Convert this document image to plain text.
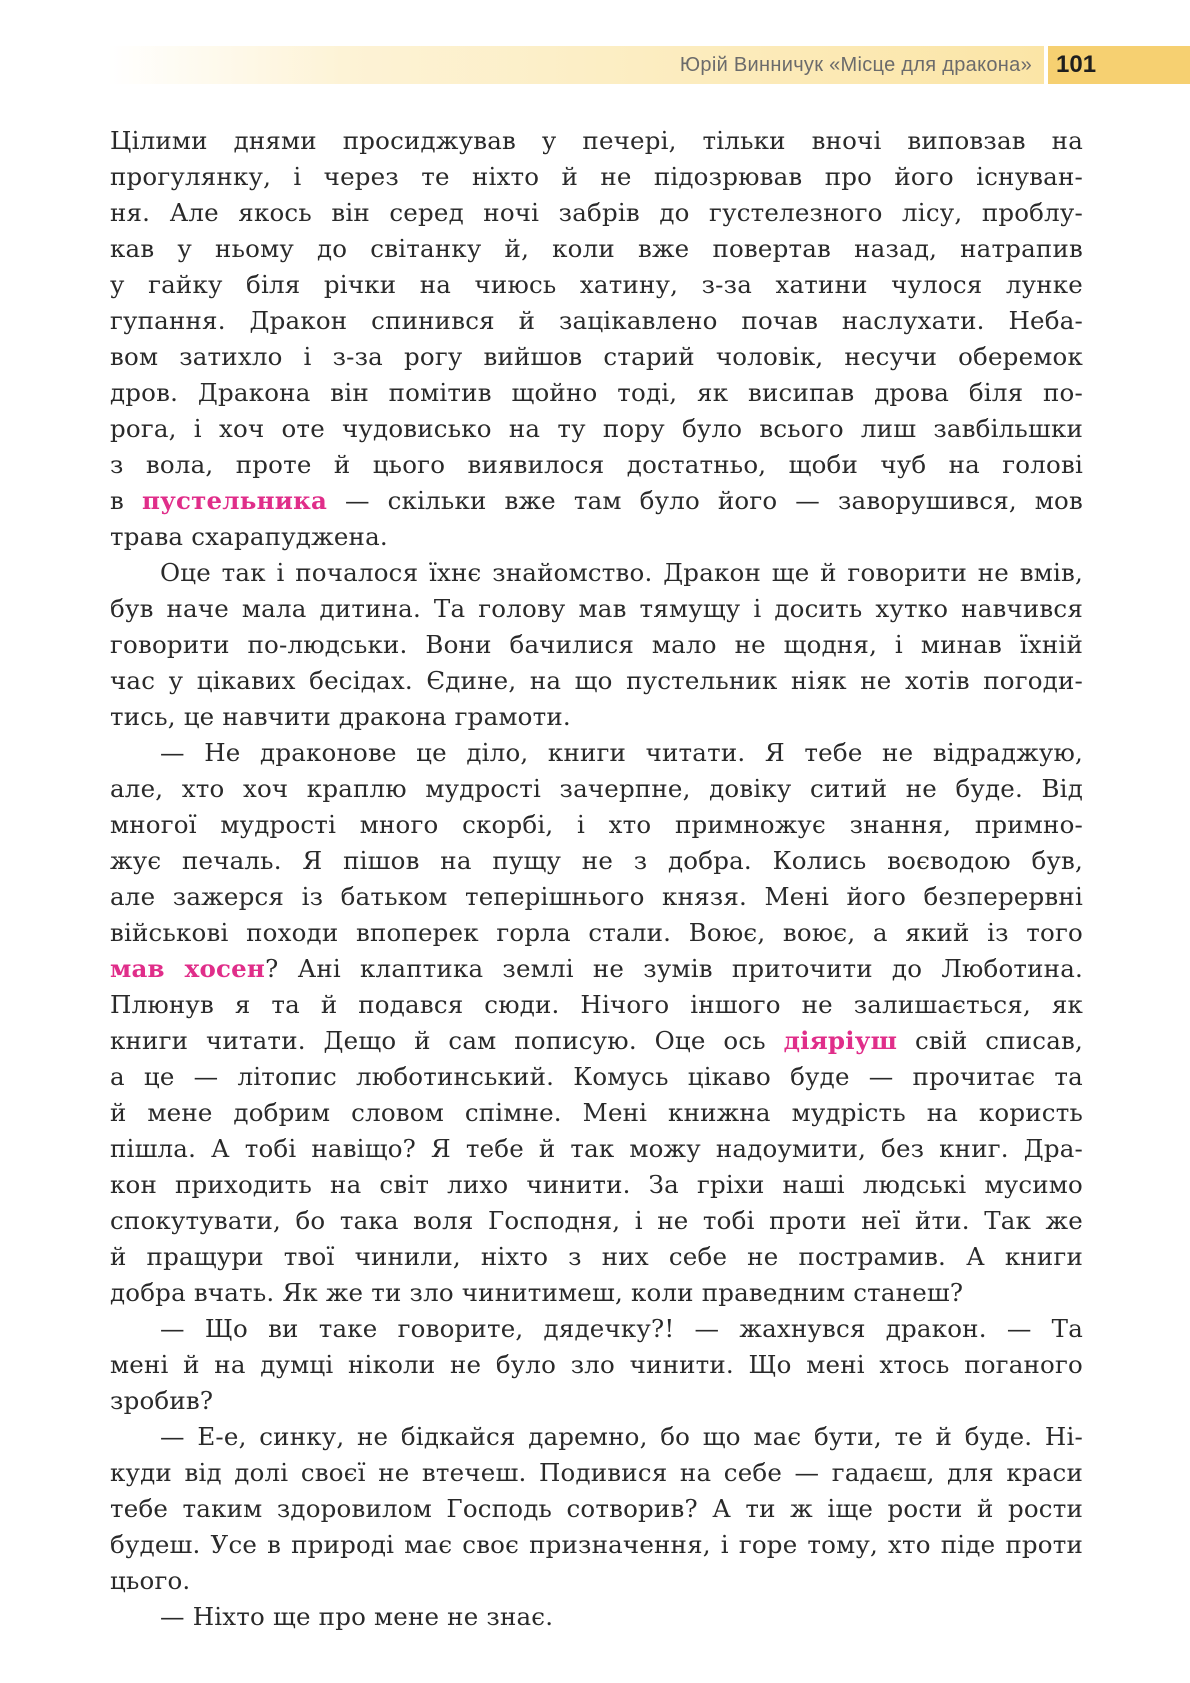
Юрій Винничук «Місце для дракона» 101
Цілими днями просиджував у печері, тільки вночі виповзав на
прогулянку, і через те ніхто й не підозрював про його існуван-
ня. Але якось він серед ночі забрів до густелезного лісу, проблу-
кав у ньому до світанку й, коли вже повертав назад, натрапив
у гайку біля річки на чиюсь хатину, з-за хатини чулося лунке
гупання. Дракон спинився й зацікавлено почав наслухати. Неба-
вом затихло і з-за рогу вийшов старий чоловік, несучи оберемок
дров. Дракона він помітив щойно тоді, як висипав дрова біля по-
рога, і хоч оте чудовисько на ту пору було всього лиш завбільшки
з вола, проте й цього виявилося достатньо, щоби чуб на голові
в пустельника — скільки вже там було його — заворушився, мов
трава схарапуджена.
Оце так і почалося їхнє знайомство. Дракон ще й говорити не вмів,
був наче мала дитина. Та голову мав тямущу і досить хутко навчився
говорити по-людськи. Вони бачилися мало не щодня, і минав їхній
час у цікавих бесідах. Єдине, на що пустельник ніяк не хотів погоди-
тись, це навчити дракона грамоти.
— Не драконове це діло, книги читати. Я тебе не відраджую,
але, хто хоч краплю мудрості зачерпне, довіку ситий не буде. Від
многої мудрості много скорбі, і хто примножує знання, примно-
жує печаль. Я пішов на пущу не з добра. Колись воєводою був,
але зажерся із батьком теперішнього князя. Мені його безперервні
військові походи впоперек горла стали. Воює, воює, а який із того
мав хосен? Ані клаптика землі не зумів приточити до Люботина.
Плюнув я та й подався сюди. Нічого іншого не залишається, як
книги читати. Дещо й сам пописую. Оце ось діяріуш свій списав,
а це — літопис люботинський. Комусь цікаво буде — прочитає та
й мене добрим словом спімне. Мені книжна мудрість на користь
пішла. А тобі навіщо? Я тебе й так можу надоумити, без книг. Дра-
кон приходить на світ лихо чинити. За гріхи наші людські мусимо
спокутувати, бо така воля Господня, і не тобі проти неї йти. Так же
й пращури твої чинили, ніхто з них себе не пострамив. А книги
добра вчать. Як же ти зло чинитимеш, коли праведним станеш?
— Що ви таке говорите, дядечку?! — жахнувся дракон. — Та
мені й на думці ніколи не було зло чинити. Що мені хтось поганого
зробив?
— Е-е, синку, не бідкайся даремно, бо що має бути, те й буде. Ні-
куди від долі своєї не втечеш. Подивися на себе — гадаєш, для краси
тебе таким здоровилом Господь сотворив? А ти ж іще рости й рости
будеш. Усе в природі має своє призначення, і горе тому, хто піде проти
цього.
— Ніхто ще про мене не знає.
